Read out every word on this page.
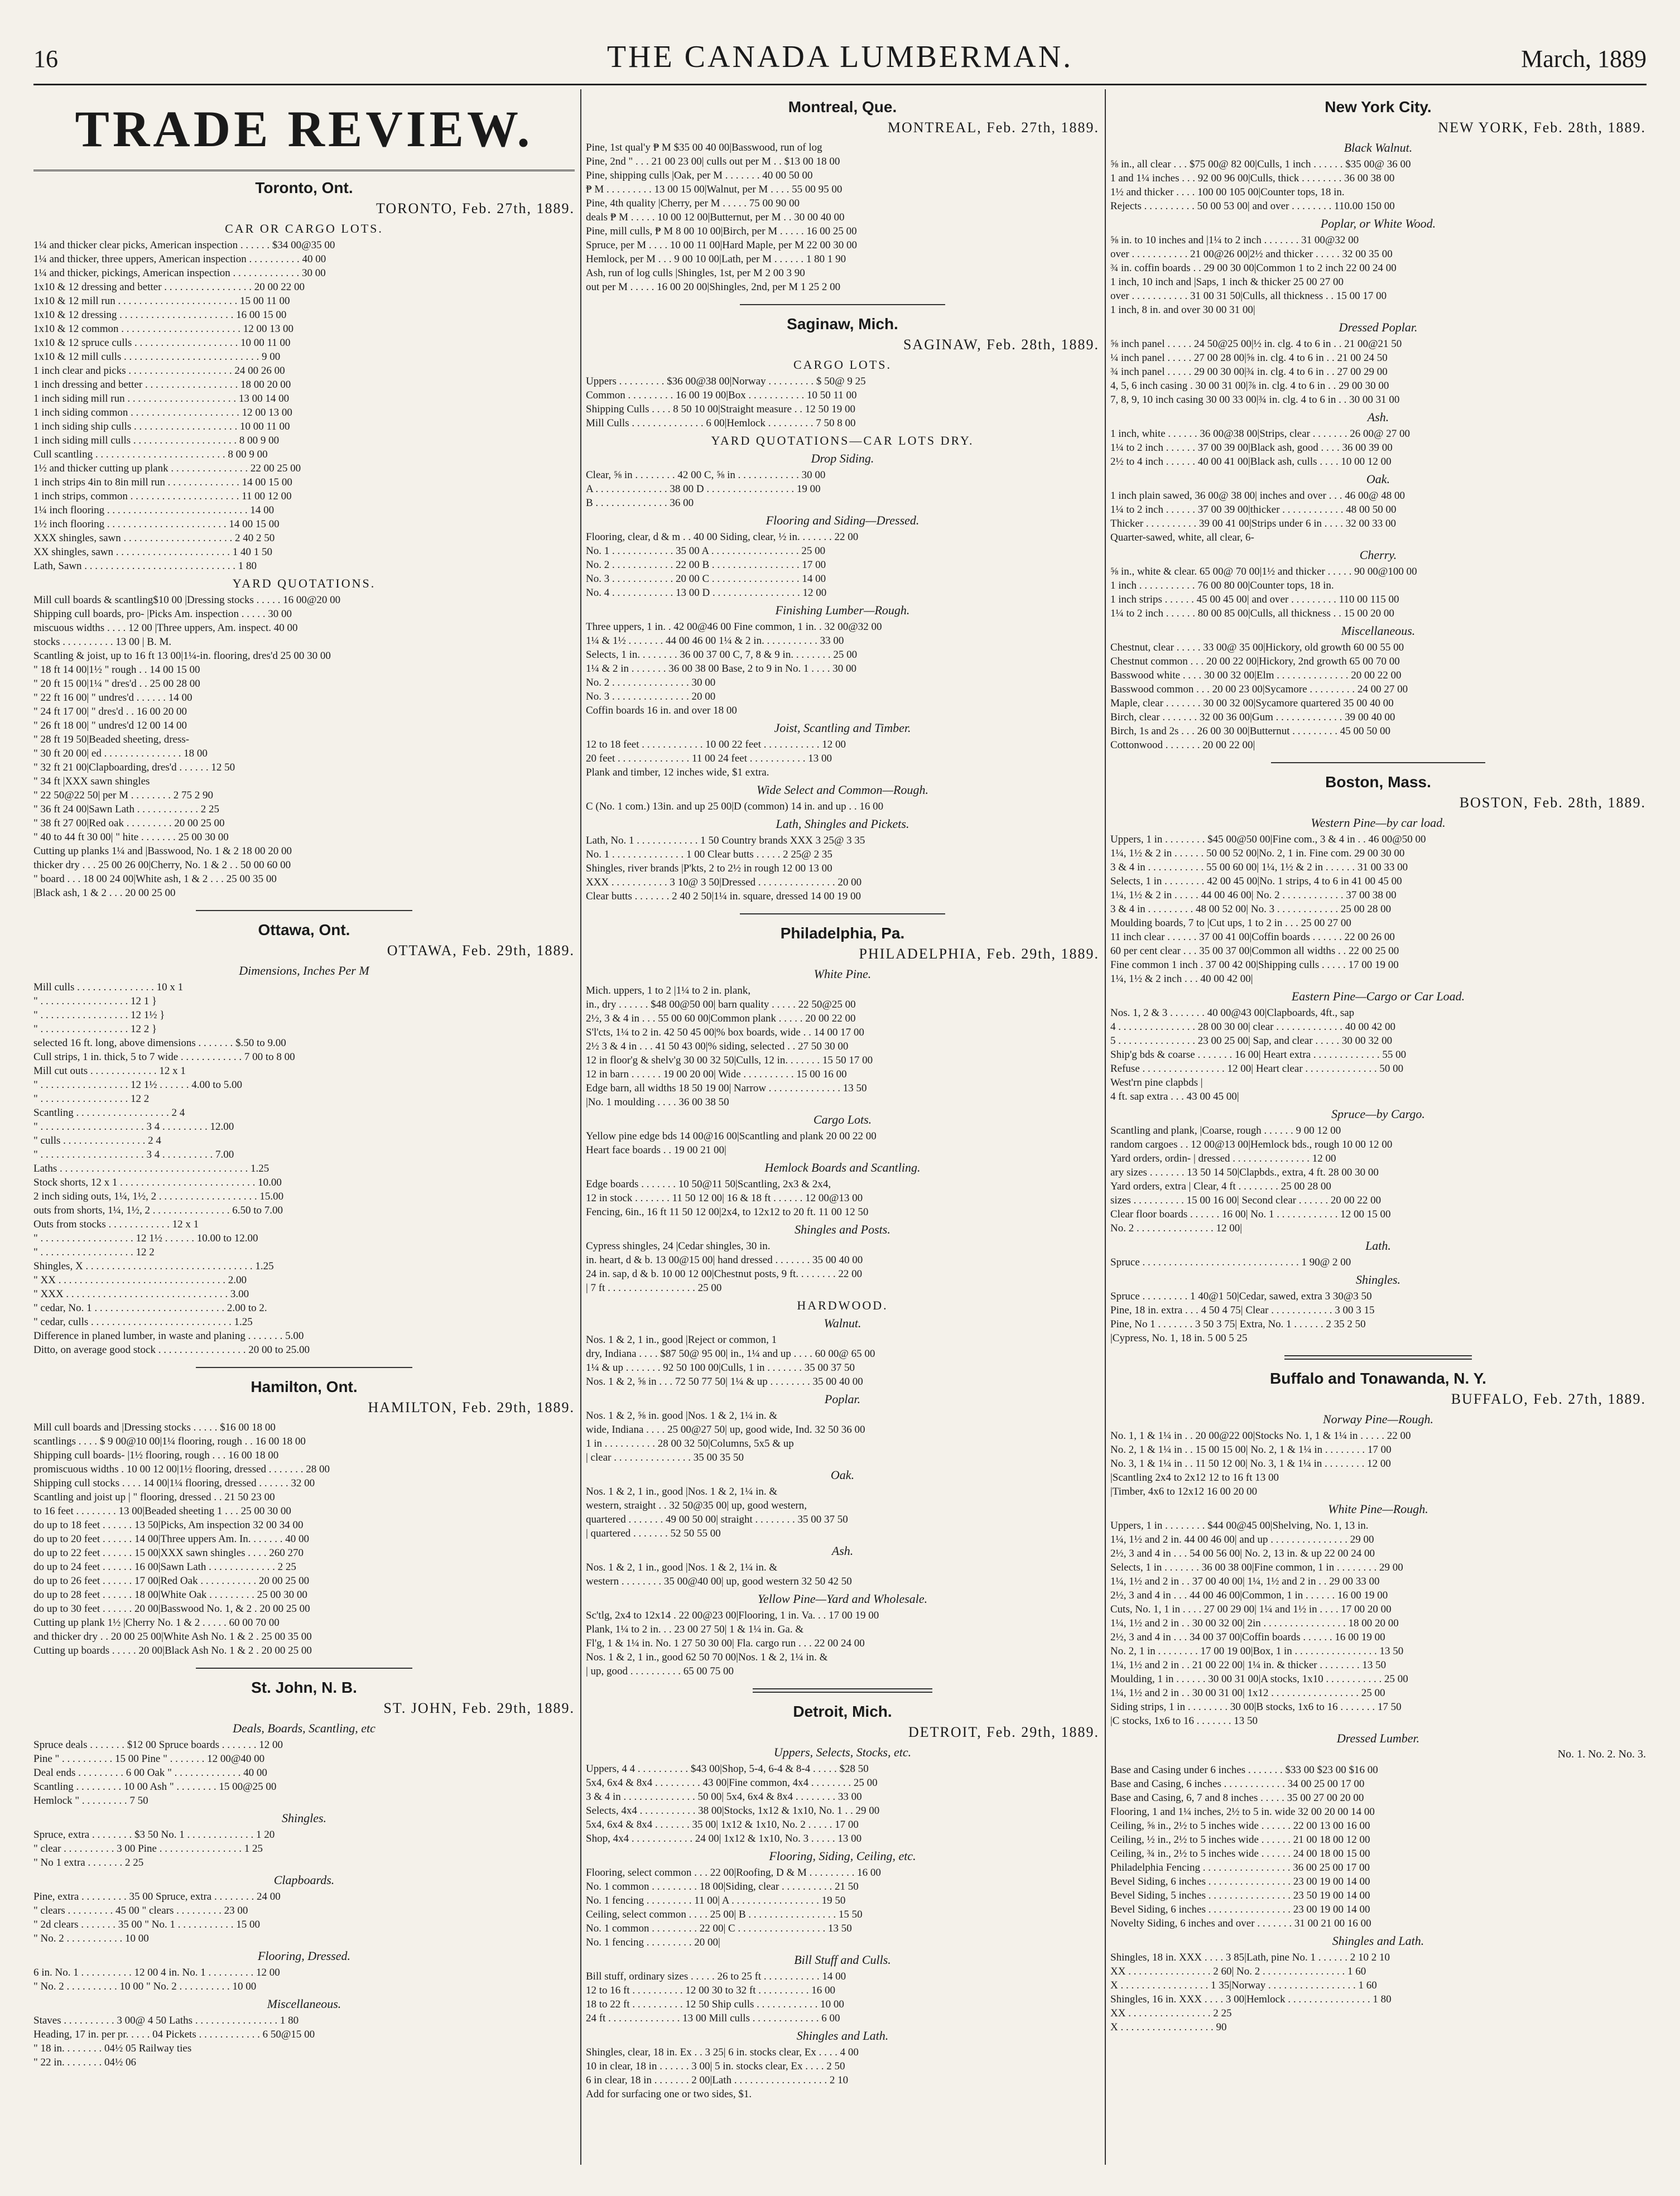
16	THE CANADA LUMBERMAN.	March, 1889
TRADE REVIEW.
Toronto, Ont.
TORONTO, Feb. 27th, 1889.
CAR OR CARGO LOTS.
1¼ and thicker clear picks, American inspection . . . . . . $34 00@35 00
1¼ and thicker, three uppers, American inspection . . . . . . . . . . 40 00
1¼ and thicker, pickings, American inspection . . . . . . . . . . . . . 30 00
1x10 & 12 dressing and better . . . . . . . . . . . . . . . . . 20 00 22 00
1x10 & 12 mill run . . . . . . . . . . . . . . . . . . . . . . . 15 00 11 00
1x10 & 12 dressing . . . . . . . . . . . . . . . . . . . . . . 16 00 15 00
1x10 & 12 common . . . . . . . . . . . . . . . . . . . . . . . 12 00 13 00
1x10 & 12 spruce culls . . . . . . . . . . . . . . . . . . . . 10 00 11 00
1x10 & 12 mill culls . . . . . . . . . . . . . . . . . . . . . . . . . . 9 00
1 inch clear and picks . . . . . . . . . . . . . . . . . . . . 24 00 26 00
1 inch dressing and better . . . . . . . . . . . . . . . . . . 18 00 20 00
1 inch siding mill run . . . . . . . . . . . . . . . . . . . . . 13 00 14 00
1 inch siding common . . . . . . . . . . . . . . . . . . . . . 12 00 13 00
1 inch siding ship culls . . . . . . . . . . . . . . . . . . . . 10 00 11 00
1 inch siding mill culls . . . . . . . . . . . . . . . . . . . . 8 00 9 00
Cull scantling . . . . . . . . . . . . . . . . . . . . . . . . . 8 00 9 00
1½ and thicker cutting up plank . . . . . . . . . . . . . . . 22 00 25 00
1 inch strips 4in to 8in mill run . . . . . . . . . . . . . . 14 00 15 00
1 inch strips, common . . . . . . . . . . . . . . . . . . . . . 11 00 12 00
1¼ inch flooring . . . . . . . . . . . . . . . . . . . . . . . . . . . 14 00
1½ inch flooring . . . . . . . . . . . . . . . . . . . . . . . 14 00 15 00
XXX shingles, sawn . . . . . . . . . . . . . . . . . . . . . 2 40 2 50
XX shingles, sawn . . . . . . . . . . . . . . . . . . . . . . 1 40 1 50
Lath, Sawn . . . . . . . . . . . . . . . . . . . . . . . . . . . . . 1 80
YARD QUOTATIONS.
Mill cull boards & scantling$10 00 |Dressing stocks . . . . . 16 00@20 00
Shipping cull boards, pro- |Picks Am. inspection . . . . . 30 00
miscuous widths . . . . 12 00 |Three uppers, Am. inspect. 40 00
stocks . . . . . . . . . . 13 00 | B. M.
Scantling & joist, up to 16 ft 13 00|1¼-in. flooring, dres'd 25 00 30 00
" 18 ft 14 00|1½ " rough . . 14 00 15 00
" 20 ft 15 00|1¼ " dres'd . . 25 00 28 00
" 22 ft 16 00| " undres'd . . . . . . 14 00
" 24 ft 17 00| " dres'd . . 16 00 20 00
" 26 ft 18 00| " undres'd 12 00 14 00
" 28 ft 19 50|Beaded sheeting, dress-
" 30 ft 20 00| ed . . . . . . . . . . . . . . . 18 00
" 32 ft 21 00|Clapboarding, dres'd . . . . . . 12 50
" 34 ft |XXX sawn shingles
" 22 50@22 50| per M . . . . . . . . 2 75 2 90
" 36 ft 24 00|Sawn Lath . . . . . . . . . . . . 2 25
" 38 ft 27 00|Red oak . . . . . . . . . 20 00 25 00
" 40 to 44 ft 30 00| " hite . . . . . . . 25 00 30 00
Cutting up planks 1¼ and |Basswood, No. 1 & 2 18 00 20 00
thicker dry . . . 25 00 26 00|Cherry, No. 1 & 2 . . 50 00 60 00
" board . . . 18 00 24 00|White ash, 1 & 2 . . . 25 00 35 00
|Black ash, 1 & 2 . . . 20 00 25 00
Ottawa, Ont.
OTTAWA, Feb. 29th, 1889.
Dimensions, Inches Per M
Mill culls . . . . . . . . . . . . . . . 10 x 1
" . . . . . . . . . . . . . . . . . 12 1 }
" . . . . . . . . . . . . . . . . . 12 1½ }
" . . . . . . . . . . . . . . . . . 12 2 }
selected 16 ft. long, above dimensions . . . . . . . $.50 to 9.00
Cull strips, 1 in. thick, 5 to 7 wide . . . . . . . . . . . . 7 00 to 8 00
Mill cut outs . . . . . . . . . . . . . 12 x 1
" . . . . . . . . . . . . . . . . . 12 1½ . . . . . . 4.00 to 5.00
" . . . . . . . . . . . . . . . . . 12 2
Scantling . . . . . . . . . . . . . . . . . . 2 4
" . . . . . . . . . . . . . . . . . . . . 3 4 . . . . . . . . . 12.00
" culls . . . . . . . . . . . . . . . . 2 4
" . . . . . . . . . . . . . . . . . . . . 3 4 . . . . . . . . . . 7.00
Laths . . . . . . . . . . . . . . . . . . . . . . . . . . . . . . . . . . . . 1.25
Stock shorts, 12 x 1 . . . . . . . . . . . . . . . . . . . . . . . . . . 10.00
2 inch siding outs, 1¼, 1½, 2 . . . . . . . . . . . . . . . . . . . 15.00
outs from shorts, 1¼, 1½, 2 . . . . . . . . . . . . . . . 6.50 to 7.00
Outs from stocks . . . . . . . . . . . . 12 x 1
" . . . . . . . . . . . . . . . . . . 12 1½ . . . . . . 10.00 to 12.00
" . . . . . . . . . . . . . . . . . . 12 2
Shingles, X . . . . . . . . . . . . . . . . . . . . . . . . . . . . . . . . 1.25
" XX . . . . . . . . . . . . . . . . . . . . . . . . . . . . . . . . 2.00
" XXX . . . . . . . . . . . . . . . . . . . . . . . . . . . . . . . 3.00
" cedar, No. 1 . . . . . . . . . . . . . . . . . . . . . . . . . 2.00 to 2.
" cedar, culls . . . . . . . . . . . . . . . . . . . . . . . . . . . 1.25
Difference in planed lumber, in waste and planing . . . . . . . 5.00
Ditto, on average good stock . . . . . . . . . . . . . . . . . 20 00 to 25.00
Hamilton, Ont.
HAMILTON, Feb. 29th, 1889.
Mill cull boards and |Dressing stocks . . . . . $16 00 18 00
scantlings . . . . $ 9 00@10 00|1¼ flooring, rough . . 16 00 18 00
Shipping cull boards- |1½ flooring, rough . . . 16 00 18 00
promiscuous widths . 10 00 12 00|1½ flooring, dressed . . . . . . . 28 00
Shipping cull stocks . . . . 14 00|1¼ flooring, dressed . . . . . . 32 00
Scantling and joist up | " flooring, dressed . . 21 50 23 00
to 16 feet . . . . . . . . 13 00|Beaded sheeting 1 . . . 25 00 30 00
do up to 18 feet . . . . . . 13 50|Picks, Am inspection 32 00 34 00
do up to 20 feet . . . . . . 14 00|Three uppers Am. In. . . . . . . 40 00
do up to 22 feet . . . . . . 15 00|XXX sawn shingles . . . . 260 270
do up to 24 feet . . . . . . 16 00|Sawn Lath . . . . . . . . . . . . . 2 25
do up to 26 feet . . . . . . 17 00|Red Oak . . . . . . . . . . . 20 00 25 00
do up to 28 feet . . . . . . 18 00|White Oak . . . . . . . . . 25 00 30 00
do up to 30 feet . . . . . . 20 00|Basswood No. 1, & 2 . 20 00 25 00
Cutting up plank 1½ |Cherry No. 1 & 2 . . . . . 60 00 70 00
and thicker dry . . 20 00 25 00|White Ash No. 1 & 2 . 25 00 35 00
Cutting up boards . . . . . 20 00|Black Ash No. 1 & 2 . 20 00 25 00
St. John, N. B.
ST. JOHN, Feb. 29th, 1889.
Deals, Boards, Scantling, etc
Spruce deals . . . . . . . $12 00 Spruce boards . . . . . . . 12 00
Pine " . . . . . . . . . . 15 00 Pine " . . . . . . . 12 00@40 00
Deal ends . . . . . . . . . 6 00 Oak " . . . . . . . . . . . . . 40 00
Scantling . . . . . . . . . 10 00 Ash " . . . . . . . . 15 00@25 00
Hemlock " . . . . . . . . . 7 50
Shingles.
Spruce, extra . . . . . . . . $3 50 No. 1 . . . . . . . . . . . . . 1 20
" clear . . . . . . . . . . 3 00 Pine . . . . . . . . . . . . . . . . 1 25
" No 1 extra . . . . . . . 2 25
Clapboards.
Pine, extra . . . . . . . . . 35 00 Spruce, extra . . . . . . . . 24 00
" clears . . . . . . . . . 45 00 " clears . . . . . . . . . 23 00
" 2d clears . . . . . . . 35 00 " No. 1 . . . . . . . . . . . 15 00
" No. 2 . . . . . . . . . . . 10 00
Flooring, Dressed.
6 in. No. 1 . . . . . . . . . . 12 00 4 in. No. 1 . . . . . . . . . 12 00
" No. 2 . . . . . . . . . . 10 00 " No. 2 . . . . . . . . . . 10 00
Miscellaneous.
Staves . . . . . . . . . . 3 00@ 4 50 Laths . . . . . . . . . . . . . . . . 1 80
Heading, 17 in. per pr. . . . . 04 Pickets . . . . . . . . . . . . 6 50@15 00
" 18 in. . . . . . . . 04½ 05 Railway ties
" 22 in. . . . . . . . 04½ 06
Montreal, Que.
MONTREAL, Feb. 27th, 1889.
Pine, 1st qual'y ₱ M $35 00 40 00|Basswood, run of log
Pine, 2nd " . . . 21 00 23 00| culls out per M . . $13 00 18 00
Pine, shipping culls |Oak, per M . . . . . . . 40 00 50 00
₱ M . . . . . . . . . 13 00 15 00|Walnut, per M . . . . 55 00 95 00
Pine, 4th quality |Cherry, per M . . . . . 75 00 90 00
deals ₱ M . . . . . 10 00 12 00|Butternut, per M . . 30 00 40 00
Pine, mill culls, ₱ M 8 00 10 00|Birch, per M . . . . . 16 00 25 00
Spruce, per M . . . . 10 00 11 00|Hard Maple, per M 22 00 30 00
Hemlock, per M . . . 9 00 10 00|Lath, per M . . . . . . 1 80 1 90
Ash, run of log culls |Shingles, 1st, per M 2 00 3 90
out per M . . . . . 16 00 20 00|Shingles, 2nd, per M 1 25 2 00
Saginaw, Mich.
SAGINAW, Feb. 28th, 1889.
CARGO LOTS.
Uppers . . . . . . . . . $36 00@38 00|Norway . . . . . . . . . $ 50@ 9 25
Common . . . . . . . . . 16 00 19 00|Box . . . . . . . . . . . 10 50 11 00
Shipping Culls . . . . 8 50 10 00|Straight measure . . 12 50 19 00
Mill Culls . . . . . . . . . . . . . . 6 00|Hemlock . . . . . . . . . 7 50 8 00
YARD QUOTATIONS—CAR LOTS DRY.
Drop Siding.
Clear, ⅝ in . . . . . . . . 42 00 C, ⅝ in . . . . . . . . . . . . 30 00
A . . . . . . . . . . . . . . 38 00 D . . . . . . . . . . . . . . . . . 19 00
B . . . . . . . . . . . . . . 36 00
Flooring and Siding—Dressed.
Flooring, clear, d & m . . 40 00 Siding, clear, ½ in. . . . . . . 22 00
No. 1 . . . . . . . . . . . . 35 00 A . . . . . . . . . . . . . . . . . 25 00
No. 2 . . . . . . . . . . . . 22 00 B . . . . . . . . . . . . . . . . . 17 00
No. 3 . . . . . . . . . . . . 20 00 C . . . . . . . . . . . . . . . . . 14 00
No. 4 . . . . . . . . . . . . 13 00 D . . . . . . . . . . . . . . . . . 12 00
Finishing Lumber—Rough.
Three uppers, 1 in. . 42 00@46 00 Fine common, 1 in. . 32 00@32 00
1¼ & 1½ . . . . . . . 44 00 46 00 1¼ & 2 in. . . . . . . . . . . 33 00
Selects, 1 in. . . . . . . . 36 00 37 00 C, 7, 8 & 9 in. . . . . . . . 25 00
1¼ & 2 in . . . . . . . 36 00 38 00 Base, 2 to 9 in No. 1 . . . . 30 00
No. 2 . . . . . . . . . . . . . . . 30 00
No. 3 . . . . . . . . . . . . . . . 20 00
Coffin boards 16 in. and over 18 00
Joist, Scantling and Timber.
12 to 18 feet . . . . . . . . . . . . 10 00 22 feet . . . . . . . . . . . 12 00
20 feet . . . . . . . . . . . . . . 11 00 24 feet . . . . . . . . . . . 13 00
Plank and timber, 12 inches wide, $1 extra.
Wide Select and Common—Rough.
C (No. 1 com.) 13in. and up 25 00|D (common) 14 in. and up . . 16 00
Lath, Shingles and Pickets.
Lath, No. 1 . . . . . . . . . . . . 1 50 Country brands XXX 3 25@ 3 35
No. 1 . . . . . . . . . . . . . . 1 00 Clear butts . . . . . 2 25@ 2 35
Shingles, river brands |P'kts, 2 to 2½ in rough 12 00 13 00
XXX . . . . . . . . . . . 3 10@ 3 50|Dressed . . . . . . . . . . . . . . . 20 00
Clear butts . . . . . . . 2 40 2 50|1¼ in. square, dressed 14 00 19 00
Philadelphia, Pa.
PHILADELPHIA, Feb. 29th, 1889.
White Pine.
Mich. uppers, 1 to 2 |1¼ to 2 in. plank,
in., dry . . . . . . $48 00@50 00| barn quality . . . . . 22 50@25 00
2½, 3 & 4 in . . . 55 00 60 00|Common plank . . . . . 20 00 22 00
S'l'cts, 1¼ to 2 in. 42 50 45 00|% box boards, wide . . 14 00 17 00
2½ 3 & 4 in . . . 41 50 43 00|% siding, selected . . 27 50 30 00
12 in floor'g & shelv'g 30 00 32 50|Culls, 12 in. . . . . . . 15 50 17 00
12 in barn . . . . . . 19 00 20 00| Wide . . . . . . . . . . 15 00 16 00
Edge barn, all widths 18 50 19 00| Narrow . . . . . . . . . . . . . . 13 50
|No. 1 moulding . . . . 36 00 38 50
Cargo Lots.
Yellow pine edge bds 14 00@16 00|Scantling and plank 20 00 22 00
Heart face boards . . 19 00 21 00|
Hemlock Boards and Scantling.
Edge boards . . . . . . . 10 50@11 50|Scantling, 2x3 & 2x4,
12 in stock . . . . . . . 11 50 12 00| 16 & 18 ft . . . . . . 12 00@13 00
Fencing, 6in., 16 ft 11 50 12 00|2x4, to 12x12 to 20 ft. 11 00 12 50
Shingles and Posts.
Cypress shingles, 24 |Cedar shingles, 30 in.
in. heart, d & b. 13 00@15 00| hand dressed . . . . . . . 35 00 40 00
24 in. sap, d & b. 10 00 12 00|Chestnut posts, 9 ft. . . . . . . . 22 00
| 7 ft . . . . . . . . . . . . . . . . . 25 00
HARDWOOD.
Walnut.
Nos. 1 & 2, 1 in., good |Reject or common, 1
dry, Indiana . . . . $87 50@ 95 00| in., 1¼ and up . . . . 60 00@ 65 00
1¼ & up . . . . . . . 92 50 100 00|Culls, 1 in . . . . . . . 35 00 37 50
Nos. 1 & 2, ⅝ in . . . 72 50 77 50| 1¼ & up . . . . . . . . 35 00 40 00
Poplar.
Nos. 1 & 2, ⅝ in. good |Nos. 1 & 2, 1¼ in. &
wide, Indiana . . . . 25 00@27 50| up, good wide, Ind. 32 50 36 00
1 in . . . . . . . . . . 28 00 32 50|Columns, 5x5 & up
| clear . . . . . . . . . . . . . . . 35 00 35 50
Oak.
Nos. 1 & 2, 1 in., good |Nos. 1 & 2, 1¼ in. &
western, straight . . 32 50@35 00| up, good western,
quartered . . . . . . . 49 00 50 00| straight . . . . . . . . 35 00 37 50
| quartered . . . . . . . 52 50 55 00
Ash.
Nos. 1 & 2, 1 in., good |Nos. 1 & 2, 1¼ in. &
western . . . . . . . . 35 00@40 00| up, good western 32 50 42 50
Yellow Pine—Yard and Wholesale.
Sc'tlg, 2x4 to 12x14 . 22 00@23 00|Flooring, 1 in. Va. . . 17 00 19 00
Plank, 1¼ to 2 in. . . 23 00 27 50| 1 & 1¼ in. Ga. &
Fl'g, 1 & 1¼ in. No. 1 27 50 30 00| Fla. cargo run . . . 22 00 24 00
Nos. 1 & 2, 1 in., good 62 50 70 00|Nos. 1 & 2, 1¼ in. &
| up, good . . . . . . . . . . 65 00 75 00
Detroit, Mich.
DETROIT, Feb. 29th, 1889.
Uppers, Selects, Stocks, etc.
Uppers, 4 4 . . . . . . . . . . $43 00|Shop, 5-4, 6-4 & 8-4 . . . . . $28 50
5x4, 6x4 & 8x4 . . . . . . . . . 43 00|Fine common, 4x4 . . . . . . . . 25 00
3 & 4 in . . . . . . . . . . . . . . 50 00| 5x4, 6x4 & 8x4 . . . . . . . . 33 00
Selects, 4x4 . . . . . . . . . . . 38 00|Stocks, 1x12 & 1x10, No. 1 . . 29 00
5x4, 6x4 & 8x4 . . . . . . . 35 00| 1x12 & 1x10, No. 2 . . . . . 17 00
Shop, 4x4 . . . . . . . . . . . . 24 00| 1x12 & 1x10, No. 3 . . . . . 13 00
Flooring, Siding, Ceiling, etc.
Flooring, select common . . . 22 00|Roofing, D & M . . . . . . . . . 16 00
No. 1 common . . . . . . . . . 18 00|Siding, clear . . . . . . . . . . 21 50
No. 1 fencing . . . . . . . . . 11 00| A . . . . . . . . . . . . . . . . . 19 50
Ceiling, select common . . . . 25 00| B . . . . . . . . . . . . . . . . . 15 50
No. 1 common . . . . . . . . . 22 00| C . . . . . . . . . . . . . . . . . 13 50
No. 1 fencing . . . . . . . . . 20 00|
Bill Stuff and Culls.
Bill stuff, ordinary sizes . . . . . 26 to 25 ft . . . . . . . . . . . 14 00
12 to 16 ft . . . . . . . . . . 12 00 30 to 32 ft . . . . . . . . . . 16 00
18 to 22 ft . . . . . . . . . . 12 50 Ship culls . . . . . . . . . . . . 10 00
24 ft . . . . . . . . . . . . . . 13 00 Mill culls . . . . . . . . . . . . . 6 00
Shingles and Lath.
Shingles, clear, 18 in. Ex . . 3 25| 6 in. stocks clear, Ex . . . . 4 00
10 in clear, 18 in . . . . . . 3 00| 5 in. stocks clear, Ex . . . . 2 50
6 in clear, 18 in . . . . . . . 2 00|Lath . . . . . . . . . . . . . . . . . . 2 10
Add for surfacing one or two sides, $1.
New York City.
NEW YORK, Feb. 28th, 1889.
Black Walnut.
⅝ in., all clear . . . $75 00@ 82 00|Culls, 1 inch . . . . . . $35 00@ 36 00
1 and 1¼ inches . . . 92 00 96 00|Culls, thick . . . . . . . . 36 00 38 00
1½ and thicker . . . . 100 00 105 00|Counter tops, 18 in.
Rejects . . . . . . . . . . 50 00 53 00| and over . . . . . . . . 110.00 150 00
Poplar, or White Wood.
⅝ in. to 10 inches and |1¼ to 2 inch . . . . . . . 31 00@32 00
over . . . . . . . . . . . 21 00@26 00|2½ and thicker . . . . . 32 00 35 00
¾ in. coffin boards . . 29 00 30 00|Common 1 to 2 inch 22 00 24 00
1 inch, 10 inch and |Saps, 1 inch & thicker 25 00 27 00
over . . . . . . . . . . . 31 00 31 50|Culls, all thickness . . 15 00 17 00
1 inch, 8 in. and over 30 00 31 00|
Dressed Poplar.
⅝ inch panel . . . . . 24 50@25 00|½ in. clg. 4 to 6 in . . 21 00@21 50
¼ inch panel . . . . . 27 00 28 00|⅝ in. clg. 4 to 6 in . . 21 00 24 50
¾ inch panel . . . . . 29 00 30 00|¾ in. clg. 4 to 6 in . . 27 00 29 00
4, 5, 6 inch casing . 30 00 31 00|⅞ in. clg. 4 to 6 in . . 29 00 30 00
7, 8, 9, 10 inch casing 30 00 33 00|¾ in. clg. 4 to 6 in . . 30 00 31 00
Ash.
1 inch, white . . . . . . 36 00@38 00|Strips, clear . . . . . . . 26 00@ 27 00
1¼ to 2 inch . . . . . . 37 00 39 00|Black ash, good . . . . 36 00 39 00
2½ to 4 inch . . . . . . 40 00 41 00|Black ash, culls . . . . 10 00 12 00
Oak.
1 inch plain sawed, 36 00@ 38 00| inches and over . . . 46 00@ 48 00
1¼ to 2 inch . . . . . . 37 00 39 00|thicker . . . . . . . . . . . . 48 00 50 00
Thicker . . . . . . . . . . 39 00 41 00|Strips under 6 in . . . . 32 00 33 00
Quarter-sawed, white, all clear, 6-
Cherry.
⅝ in., white & clear. 65 00@ 70 00|1½ and thicker . . . . . 90 00@100 00
1 inch . . . . . . . . . . . 76 00 80 00|Counter tops, 18 in.
1 inch strips . . . . . . 45 00 45 00| and over . . . . . . . . . 110 00 115 00
1¼ to 2 inch . . . . . . 80 00 85 00|Culls, all thickness . . 15 00 20 00
Miscellaneous.
Chestnut, clear . . . . . 33 00@ 35 00|Hickory, old growth 60 00 55 00
Chestnut common . . . 20 00 22 00|Hickory, 2nd growth 65 00 70 00
Basswood white . . . . 30 00 32 00|Elm . . . . . . . . . . . . . . 20 00 22 00
Basswood common . . . 20 00 23 00|Sycamore . . . . . . . . . 24 00 27 00
Maple, clear . . . . . . . 30 00 32 00|Sycamore quartered 35 00 40 00
Birch, clear . . . . . . . 32 00 36 00|Gum . . . . . . . . . . . . . 39 00 40 00
Birch, 1s and 2s . . . 26 00 30 00|Butternut . . . . . . . . . 45 00 50 00
Cottonwood . . . . . . . 20 00 22 00|
Boston, Mass.
BOSTON, Feb. 28th, 1889.
Western Pine—by car load.
Uppers, 1 in . . . . . . . . $45 00@50 00|Fine com., 3 & 4 in . . 46 00@50 00
1¼, 1½ & 2 in . . . . . . 50 00 52 00|No. 2, 1 in. Fine com. 29 00 30 00
3 & 4 in . . . . . . . . . . . 55 00 60 00| 1¼, 1½ & 2 in . . . . . . 31 00 33 00
Selects, 1 in . . . . . . . . 42 00 45 00|No. 1 strips, 4 to 6 in 41 00 45 00
1¼, 1½ & 2 in . . . . . 44 00 46 00| No. 2 . . . . . . . . . . . . 37 00 38 00
3 & 4 in . . . . . . . . . 48 00 52 00| No. 3 . . . . . . . . . . . . 25 00 28 00
Moulding boards, 7 to |Cut ups, 1 to 2 in . . . 25 00 27 00
11 inch clear . . . . . . 37 00 41 00|Coffin boards . . . . . . 22 00 26 00
60 per cent clear . . . 35 00 37 00|Common all widths . . 22 00 25 00
Fine common 1 inch . 37 00 42 00|Shipping culls . . . . . 17 00 19 00
1¼, 1½ & 2 inch . . . 40 00 42 00|
Eastern Pine—Cargo or Car Load.
Nos. 1, 2 & 3 . . . . . . . 40 00@43 00|Clapboards, 4ft., sap
4 . . . . . . . . . . . . . . . 28 00 30 00| clear . . . . . . . . . . . . . 40 00 42 00
5 . . . . . . . . . . . . . . . 23 00 25 00| Sap, and clear . . . . . 30 00 32 00
Ship'g bds & coarse . . . . . . . 16 00| Heart extra . . . . . . . . . . . . . 55 00
Refuse . . . . . . . . . . . . . . . . 12 00| Heart clear . . . . . . . . . . . . . . 50 00
West'rn pine clapbds |
4 ft. sap extra . . . 43 00 45 00|
Spruce—by Cargo.
Scantling and plank, |Coarse, rough . . . . . . 9 00 12 00
random cargoes . . 12 00@13 00|Hemlock bds., rough 10 00 12 00
Yard orders, ordin- | dressed . . . . . . . . . . . . . . . 12 00
ary sizes . . . . . . . 13 50 14 50|Clapbds., extra, 4 ft. 28 00 30 00
Yard orders, extra | Clear, 4 ft . . . . . . . . 25 00 28 00
sizes . . . . . . . . . . 15 00 16 00| Second clear . . . . . . 20 00 22 00
Clear floor boards . . . . . . 16 00| No. 1 . . . . . . . . . . . . 12 00 15 00
No. 2 . . . . . . . . . . . . . . . 12 00|
Lath.
Spruce . . . . . . . . . . . . . . . . . . . . . . . . . . . . . . 1 90@ 2 00
Shingles.
Spruce . . . . . . . . . 1 40@1 50|Cedar, sawed, extra 3 30@3 50
Pine, 18 in. extra . . . 4 50 4 75| Clear . . . . . . . . . . . . 3 00 3 15
Pine, No 1 . . . . . . . 3 50 3 75| Extra, No. 1 . . . . . . 2 35 2 50
|Cypress, No. 1, 18 in. 5 00 5 25
Buffalo and Tonawanda, N. Y.
BUFFALO, Feb. 27th, 1889.
Norway Pine—Rough.
No. 1, 1 & 1¼ in . . 20 00@22 00|Stocks No. 1, 1 & 1¼ in . . . . . 22 00
No. 2, 1 & 1¼ in . . 15 00 15 00| No. 2, 1 & 1¼ in . . . . . . . . 17 00
No. 3, 1 & 1¼ in . . 11 50 12 00| No. 3, 1 & 1¼ in . . . . . . . . 12 00
|Scantling 2x4 to 2x12 12 to 16 ft 13 00
|Timber, 4x6 to 12x12 16 00 20 00
White Pine—Rough.
Uppers, 1 in . . . . . . . . $44 00@45 00|Shelving, No. 1, 13 in.
1¼, 1½ and 2 in. 44 00 46 00| and up . . . . . . . . . . . . . . . 29 00
2½, 3 and 4 in . . . 54 00 56 00| No. 2, 13 in. & up 22 00 24 00
Selects, 1 in . . . . . . . 36 00 38 00|Fine common, 1 in . . . . . . . . 29 00
1¼, 1½ and 2 in . . 37 00 40 00| 1¼, 1½ and 2 in . . 29 00 33 00
2½, 3 and 4 in . . . 44 00 46 00|Common, 1 in . . . . . . 16 00 19 00
Cuts, No. 1, 1 in . . . . 27 00 29 00| 1¼ and 1½ in . . . . 17 00 20 00
1¼, 1½ and 2 in . . 30 00 32 00| 2in . . . . . . . . . . . . . . . . 18 00 20 00
2½, 3 and 4 in . . . 34 00 37 00|Coffin boards . . . . . . 16 00 19 00
No. 2, 1 in . . . . . . . . 17 00 19 00|Box, 1 in . . . . . . . . . . . . . . . . 13 50
1¼, 1½ and 2 in . . 21 00 22 00| 1¼ in. & thicker . . . . . . . . 13 50
Moulding, 1 in . . . . . . 30 00 31 00|A stocks, 1x10 . . . . . . . . . . . 25 00
1¼, 1½ and 2 in . . 30 00 31 00| 1x12 . . . . . . . . . . . . . . . . . 25 00
Siding strips, 1 in . . . . . . . . 30 00|B stocks, 1x6 to 16 . . . . . . . 17 50
|C stocks, 1x6 to 16 . . . . . . . 13 50
Dressed Lumber.
No. 1. No. 2. No. 3.
Base and Casing under 6 inches . . . . . . . $33 00 $23 00 $16 00
Base and Casing, 6 inches . . . . . . . . . . . . 34 00 25 00 17 00
Base and Casing, 6, 7 and 8 inches . . . . . 35 00 27 00 20 00
Flooring, 1 and 1¼ inches, 2½ to 5 in. wide 32 00 20 00 14 00
Ceiling, ⅝ in., 2½ to 5 inches wide . . . . . . 22 00 13 00 16 00
Ceiling, ½ in., 2½ to 5 inches wide . . . . . . 21 00 18 00 12 00
Ceiling, ¾ in., 2½ to 5 inches wide . . . . . . 24 00 18 00 15 00
Philadelphia Fencing . . . . . . . . . . . . . . . . . 36 00 25 00 17 00
Bevel Siding, 6 inches . . . . . . . . . . . . . . . . 23 00 19 00 14 00
Bevel Siding, 5 inches . . . . . . . . . . . . . . . . 23 50 19 00 14 00
Bevel Siding, 6 inches . . . . . . . . . . . . . . . . 23 00 19 00 14 00
Novelty Siding, 6 inches and over . . . . . . . 31 00 21 00 16 00
Shingles and Lath.
Shingles, 18 in. XXX . . . . 3 85|Lath, pine No. 1 . . . . . . 2 10 2 10
XX . . . . . . . . . . . . . . . . 2 60| No. 2 . . . . . . . . . . . . . . . . 1 60
X . . . . . . . . . . . . . . . . . 1 35|Norway . . . . . . . . . . . . . . . . . 1 60
Shingles, 16 in. XXX . . . . 3 00|Hemlock . . . . . . . . . . . . . . . . 1 80
XX . . . . . . . . . . . . . . . . 2 25
X . . . . . . . . . . . . . . . . . . 90
